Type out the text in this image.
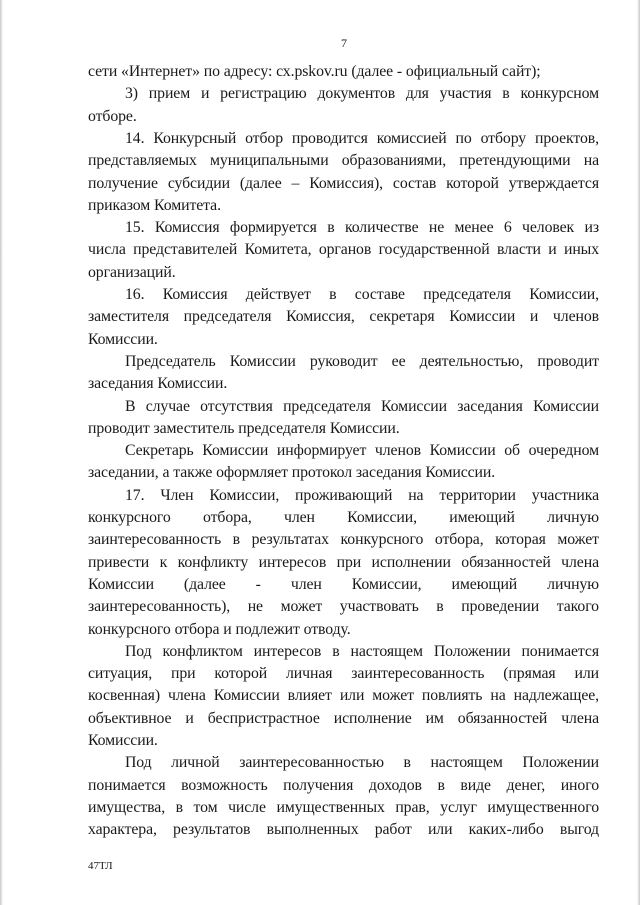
7
сети «Интернет» по адресу: сх.pskov.ru (далее - официальный сайт);
3) прием и регистрацию документов для участия в конкурсном
отборе.
14. Конкурсный отбор проводится комиссией по отбору проектов,
представляемых муниципальными образованиями, претендующими на
получение субсидии (далее – Комиссия), состав которой утверждается
приказом Комитета.
15. Комиссия формируется в количестве не менее 6 человек из
числа представителей Комитета, органов государственной власти и иных
организаций.
16. Комиссия действует в составе председателя Комиссии,
заместителя председателя Комиссия, секретаря Комиссии и членов
Комиссии.
Председатель Комиссии руководит ее деятельностью, проводит
заседания Комиссии.
В случае отсутствия председателя Комиссии заседания Комиссии
проводит заместитель председателя Комиссии.
Секретарь Комиссии информирует членов Комиссии об очередном
заседании, а также оформляет протокол заседания Комиссии.
17. Член Комиссии, проживающий на территории участника
конкурсного отбора, член Комиссии, имеющий личную
заинтересованность в результатах конкурсного отбора, которая может
привести к конфликту интересов при исполнении обязанностей члена
Комиссии (далее - член Комиссии, имеющий личную
заинтересованность), не может участвовать в проведении такого
конкурсного отбора и подлежит отводу.
Под конфликтом интересов в настоящем Положении понимается
ситуация, при которой личная заинтересованность (прямая или
косвенная) члена Комиссии влияет или может повлиять на надлежащее,
объективное и беспристрастное исполнение им обязанностей члена
Комиссии.
Под личной заинтересованностью в настоящем Положении
понимается возможность получения доходов в виде денег, иного
имущества, в том числе имущественных прав, услуг имущественного
характера, результатов выполненных работ или каких-либо выгод
47ТЛ
